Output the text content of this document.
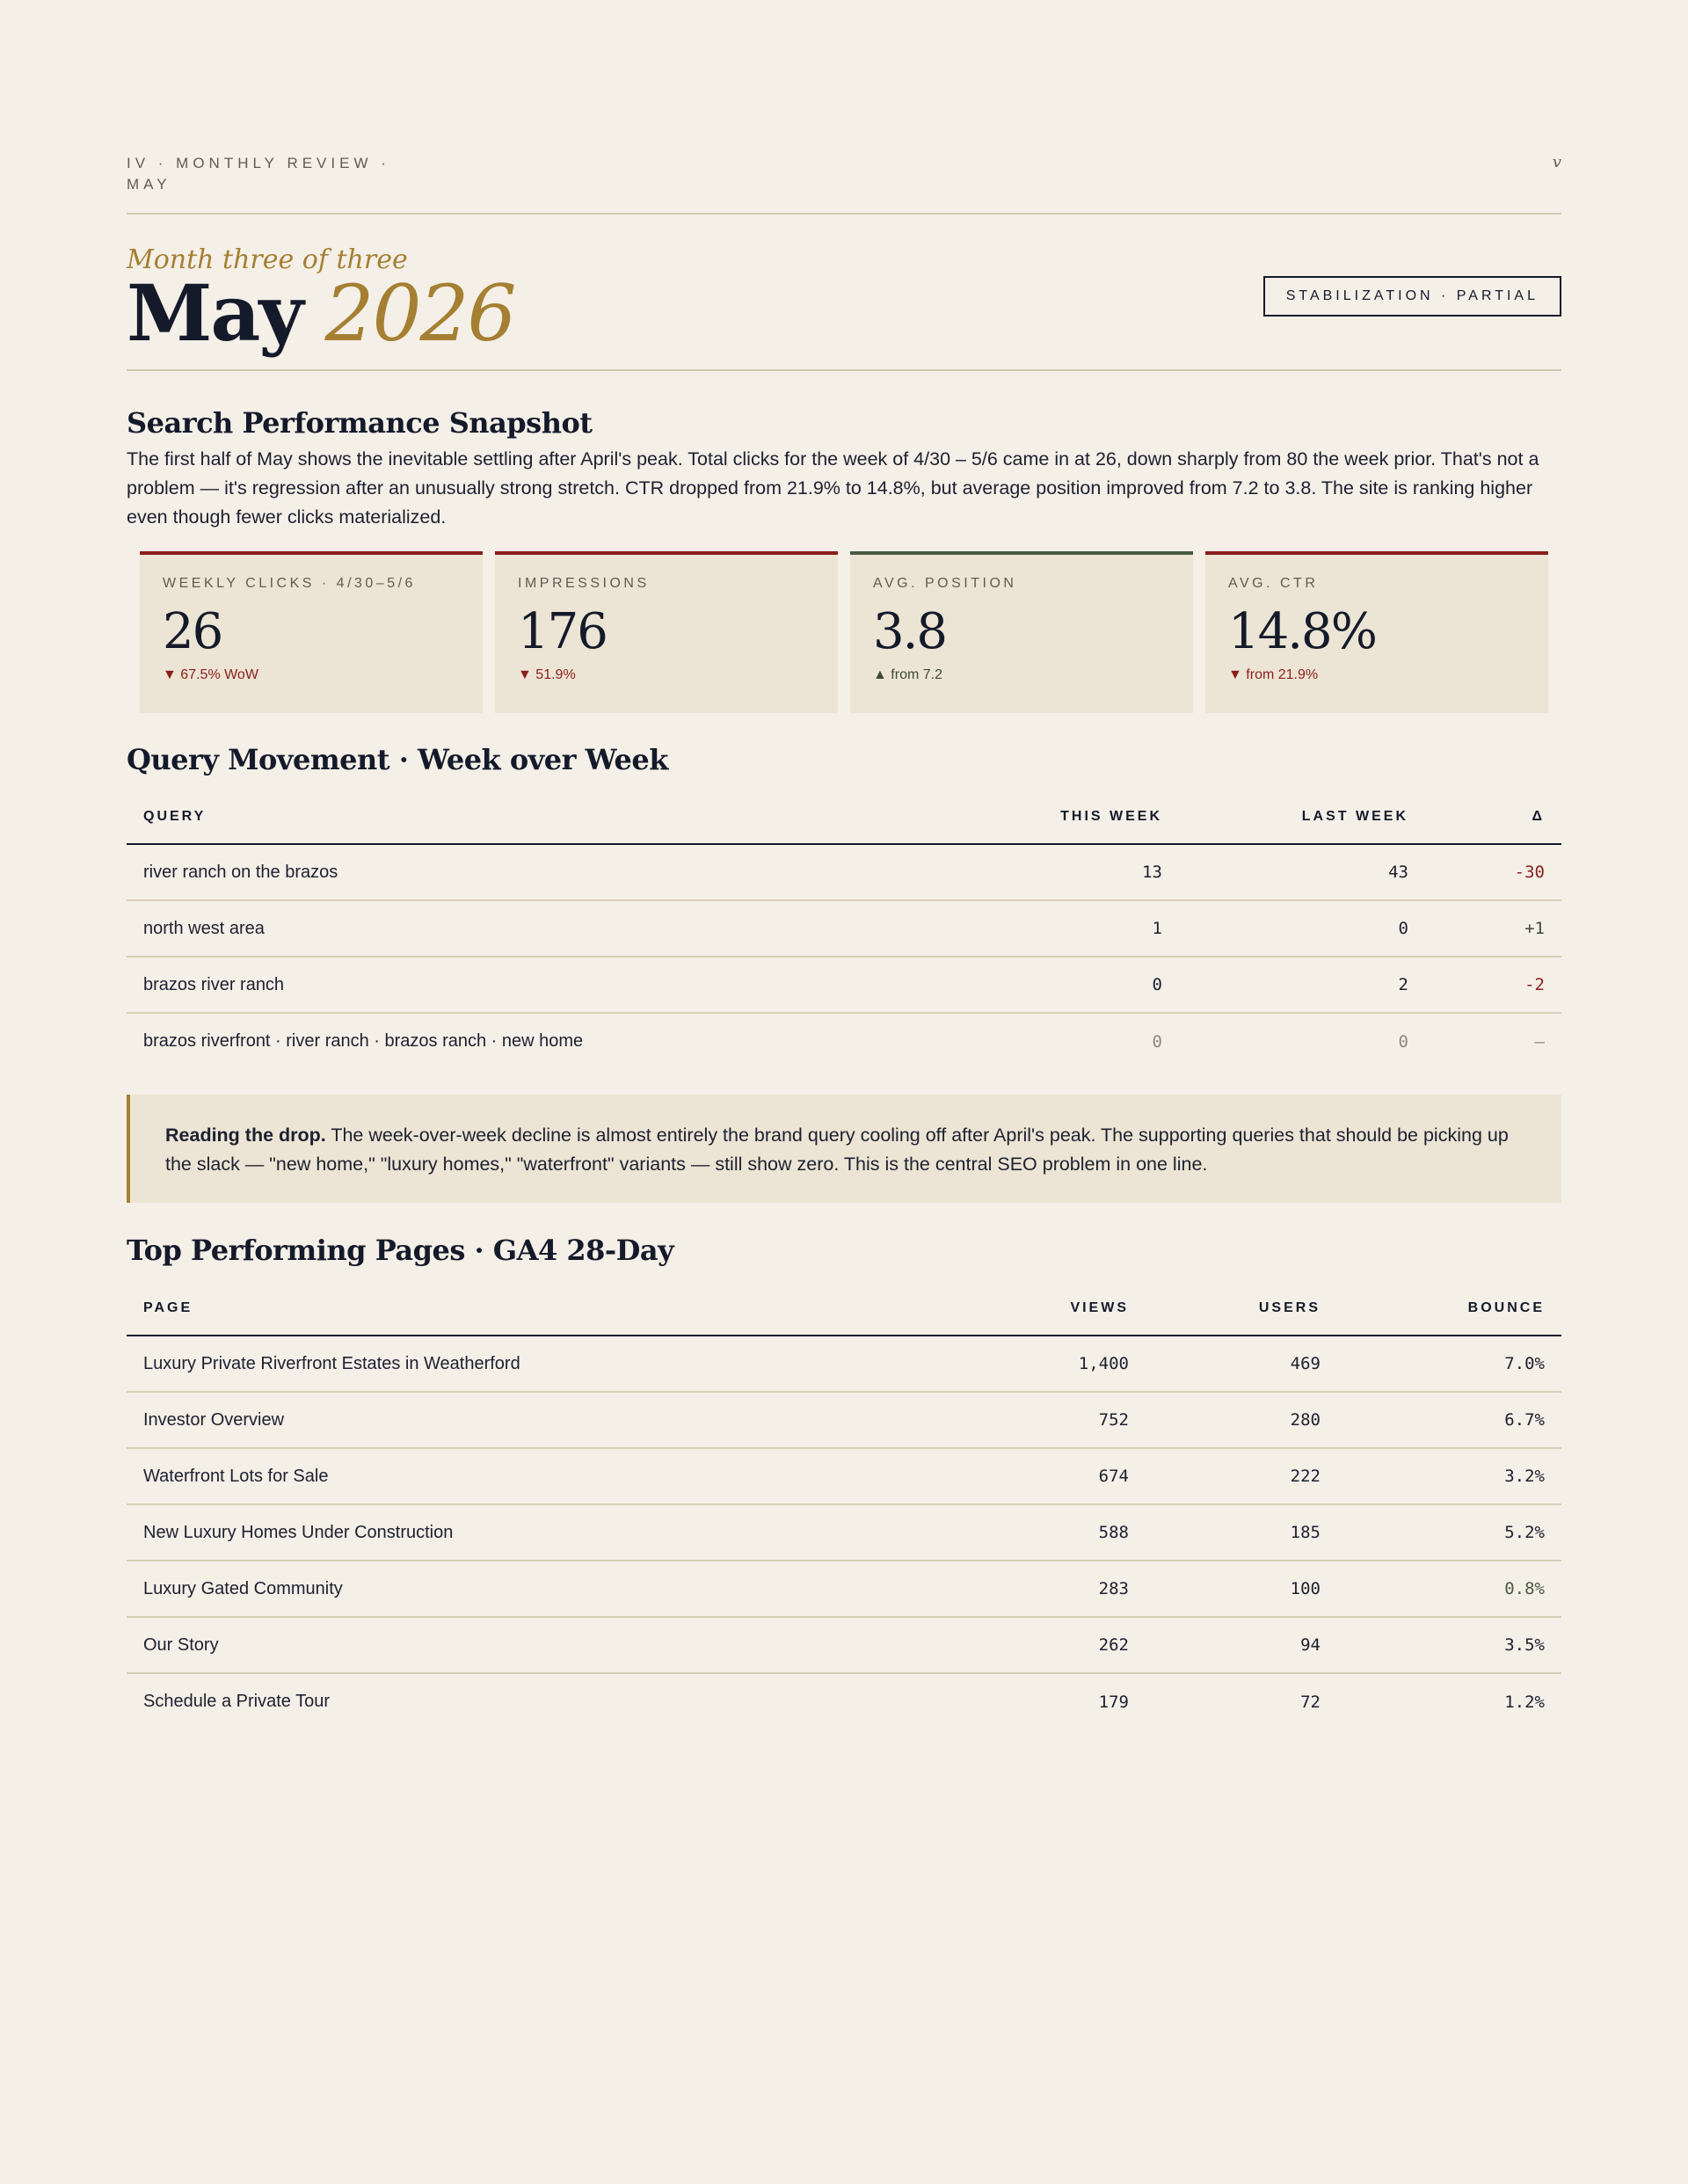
IV · MONTHLY REVIEW · MAY
v
Month three of three
May 2026	STABILIZATION · PARTIAL
Search Performance Snapshot

The first half of May shows the inevitable settling after April's peak. Total clicks for the week of 4/30 – 5/6 came in at 26, down sharply from 80 the week prior. That's not a problem — it's regression after an unusually strong stretch. CTR dropped from 21.9% to 14.8%, but average position improved from 7.2 to 3.8. The site is ranking higher even though fewer clicks materialized.

WEEKLY CLICKS · 4/30–5/6
26
▼ 67.5% WoW
IMPRESSIONS
176
▼ 51.9%
AVG. POSITION
3.8
▲ from 7.2
AVG. CTR
14.8%
▼ from 21.9%
Query Movement · Week over Week
QUERY	THIS WEEK	LAST WEEK	Δ
river ranch on the brazos	13	43	-30
north west area	1	0	+1
brazos river ranch	0	2	-2
brazos riverfront · river ranch · brazos ranch · new home	0	0	—
Reading the drop. The week-over-week decline is almost entirely the brand query cooling off after April's peak. The supporting queries that should be picking up the slack — "new home," "luxury homes," "waterfront" variants — still show zero. This is the central SEO problem in one line.
Top Performing Pages · GA4 28-Day
PAGE	VIEWS	USERS	BOUNCE
Luxury Private Riverfront Estates in Weatherford	1,400	469	7.0%
Investor Overview	752	280	6.7%
Waterfront Lots for Sale	674	222	3.2%
New Luxury Homes Under Construction	588	185	5.2%
Luxury Gated Community	283	100	0.8%
Our Story	262	94	3.5%
Schedule a Private Tour	179	72	1.2%
